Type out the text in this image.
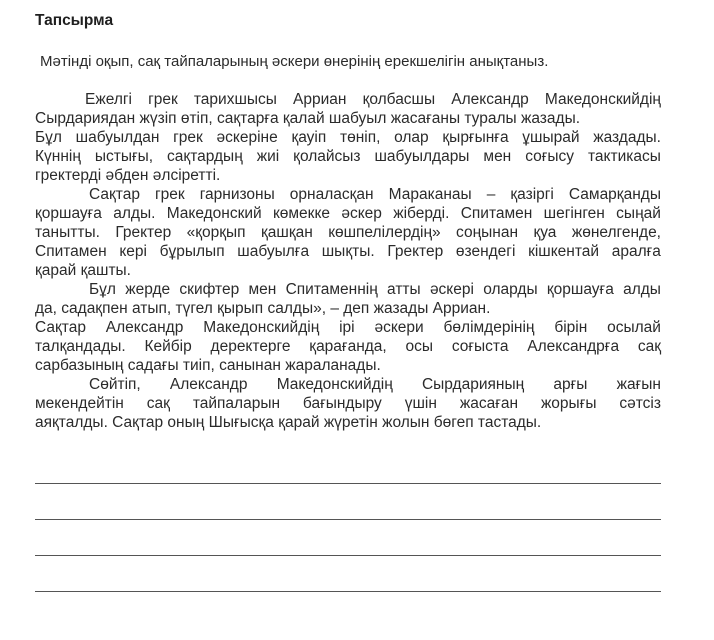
Тапсырма
Мәтінді оқып, сақ тайпаларының әскери өнерінің ерекшелігін анықтаныз.
Ежелгі грек тарихшысы Арриан қолбасшы Александр Македонскийдің
Сырдариядан жүзіп өтіп, сақтарға қалай шабуыл жасағаны туралы жазады.
Бұл шабуылдан грек әскеріне қауіп төніп, олар қырғынға ұшырай жаздады.
Күннің ыстығы, сақтардың жиі қолайсыз шабуылдары мен соғысу тактикасы
гректерді әбден әлсіретті.
Сақтар грек гарнизоны орналасқан Мараканаы – қазіргі Самарқанды
қоршауға алды. Македонский көмекке әскер жіберді. Спитамен шегінген сыңай
танытты. Гректер «қорқып қашқан көшпелілердің» соңынан қуа жөнелгенде,
Спитамен кері бұрылып шабуылға шықты. Гректер өзендегі кішкентай аралға
қарай қашты.
Бұл жерде скифтер мен Спитаменнің атты әскері оларды қоршауға алды
да, садақпен атып, түгел қырып салды», – деп жазады Арриан.
Сақтар Александр Македонскийдің ірі әскери бөлімдерінің бірін осылай
талқандады. Кейбір деректерге қарағанда, осы соғыста Александрға сақ
сарбазының садағы тиіп, санынан жараланады.
Сөйтіп, Александр Македонскийдің Сырдарияның арғы жағын
мекендейтін сақ тайпаларын бағындыру үшін жасаған жорығы сәтсіз
аяқталды. Сақтар оның Шығысқа қарай жүретін жолын бөгеп тастады.
